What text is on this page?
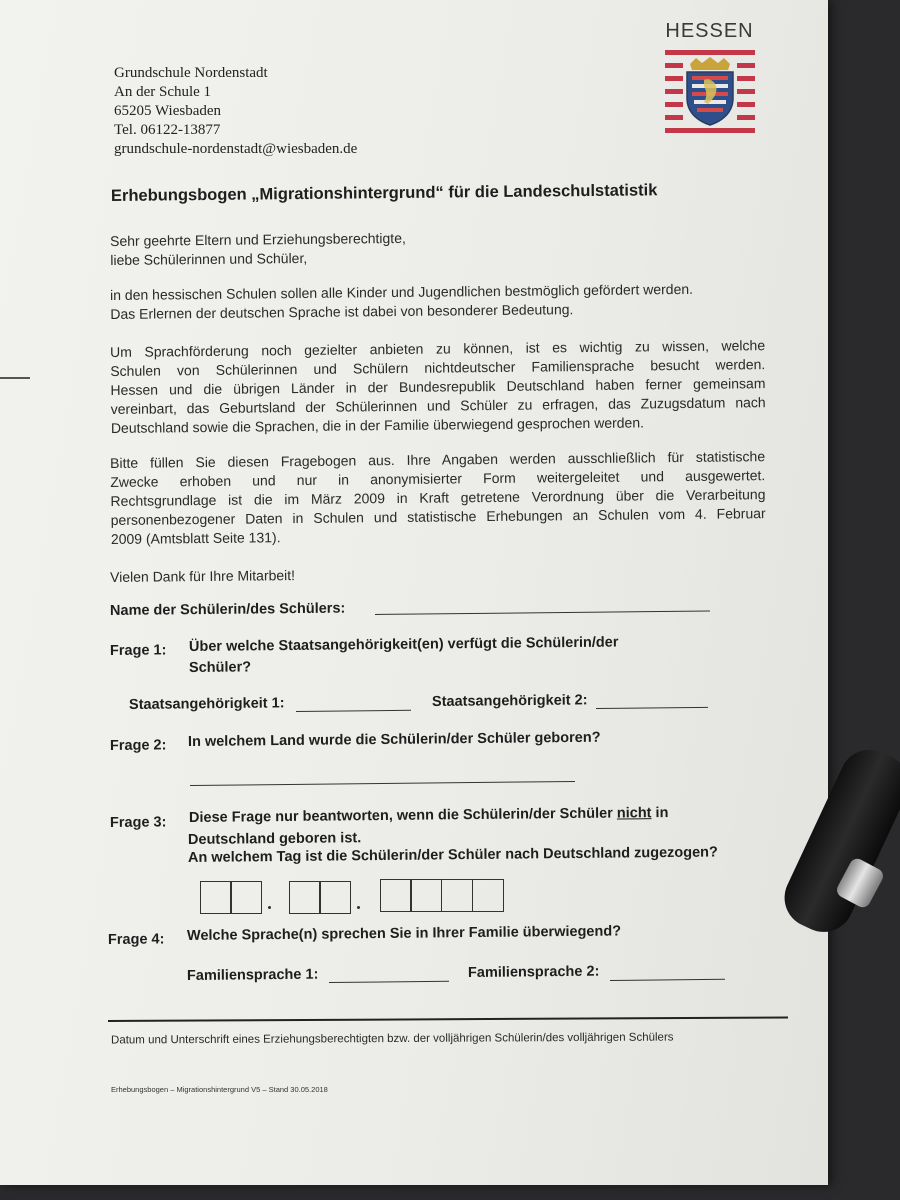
Grundschule Nordenstadt
An der Schule 1
65205 Wiesbaden
Tel. 06122-13877
grundschule-nordenstadt@wiesbaden.de
HESSEN
Erhebungsbogen „Migrationshintergrund“ für die Landeschulstatistik
Sehr geehrte Eltern und Erziehungsberechtigte,
liebe Schülerinnen und Schüler,
in den hessischen Schulen sollen alle Kinder und Jugendlichen bestmöglich gefördert werden.
Das Erlernen der deutschen Sprache ist dabei von besonderer Bedeutung.
Um Sprachförderung noch gezielter anbieten zu können, ist es wichtig zu wissen, welche
Schulen von Schülerinnen und Schülern nichtdeutscher Familiensprache besucht werden.
Hessen und die übrigen Länder in der Bundesrepublik Deutschland haben ferner gemeinsam
vereinbart, das Geburtsland der Schülerinnen und Schüler zu erfragen, das Zuzugsdatum nach
Deutschland sowie die Sprachen, die in der Familie überwiegend gesprochen werden.
Bitte füllen Sie diesen Fragebogen aus. Ihre Angaben werden ausschließlich für statistische
Zwecke erhoben und nur in anonymisierter Form weitergeleitet und ausgewertet.
Rechtsgrundlage ist die im März 2009 in Kraft getretene Verordnung über die Verarbeitung
personenbezogener Daten in Schulen und statistische Erhebungen an Schulen vom 4. Februar
2009 (Amtsblatt Seite 131).
Vielen Dank für Ihre Mitarbeit!
Name der Schülerin/des Schülers:
Frage 1: Über welche Staatsangehörigkeit(en) verfügt die Schülerin/der
Schüler?
Staatsangehörigkeit 1:	Staatsangehörigkeit 2:
Frage 2: In welchem Land wurde die Schülerin/der Schüler geboren?
Frage 3: Diese Frage nur beantworten, wenn die Schülerin/der Schüler nicht in
Deutschland geboren ist.
An welchem Tag ist die Schülerin/der Schüler nach Deutschland zugezogen?
Frage 4: Welche Sprache(n) sprechen Sie in Ihrer Familie überwiegend?
Familiensprache 1:	Familiensprache 2:
Datum und Unterschrift eines Erziehungsberechtigten bzw. der volljährigen Schülerin/des volljährigen Schülers
Erhebungsbogen – Migrationshintergrund V5 – Stand 30.05.2018
